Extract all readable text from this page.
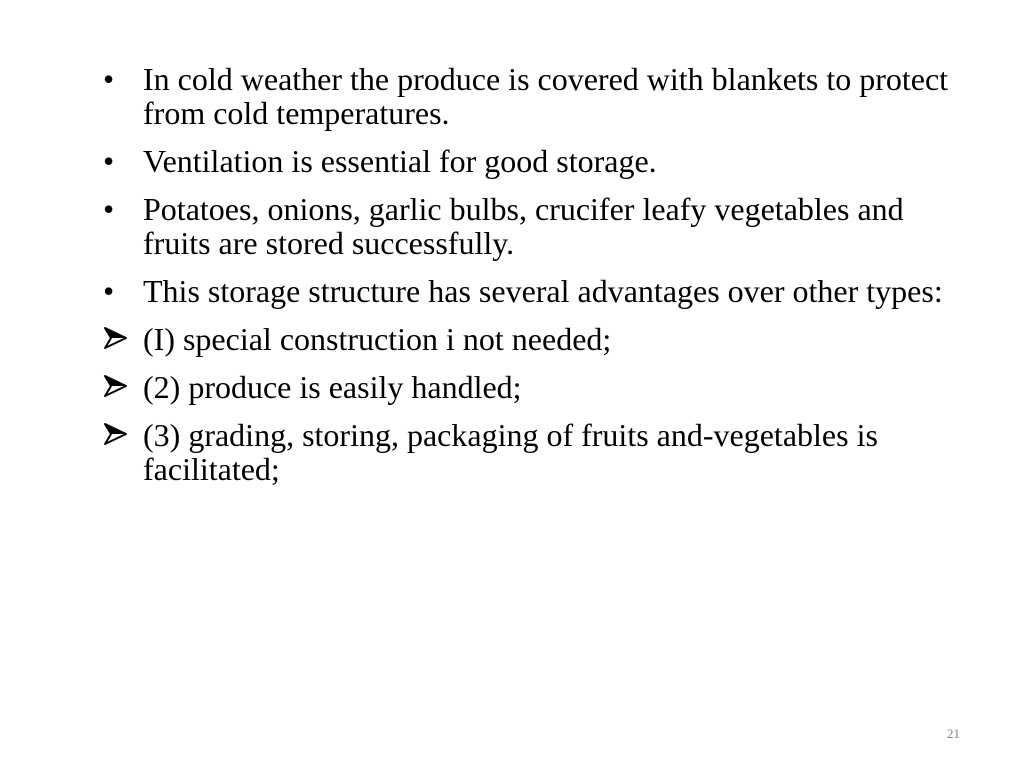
• In cold weather the produce is covered with blankets to protect from cold temperatures.
• Ventilation is essential for good storage.
• Potatoes, onions, garlic bulbs, crucifer leafy vegetables and fruits are stored successfully.
• This storage structure has several advantages over other types:
(I) special construction i not needed;
(2) produce is easily handled;
(3) grading, storing, packaging of fruits and-vegetables is facilitated;
21
